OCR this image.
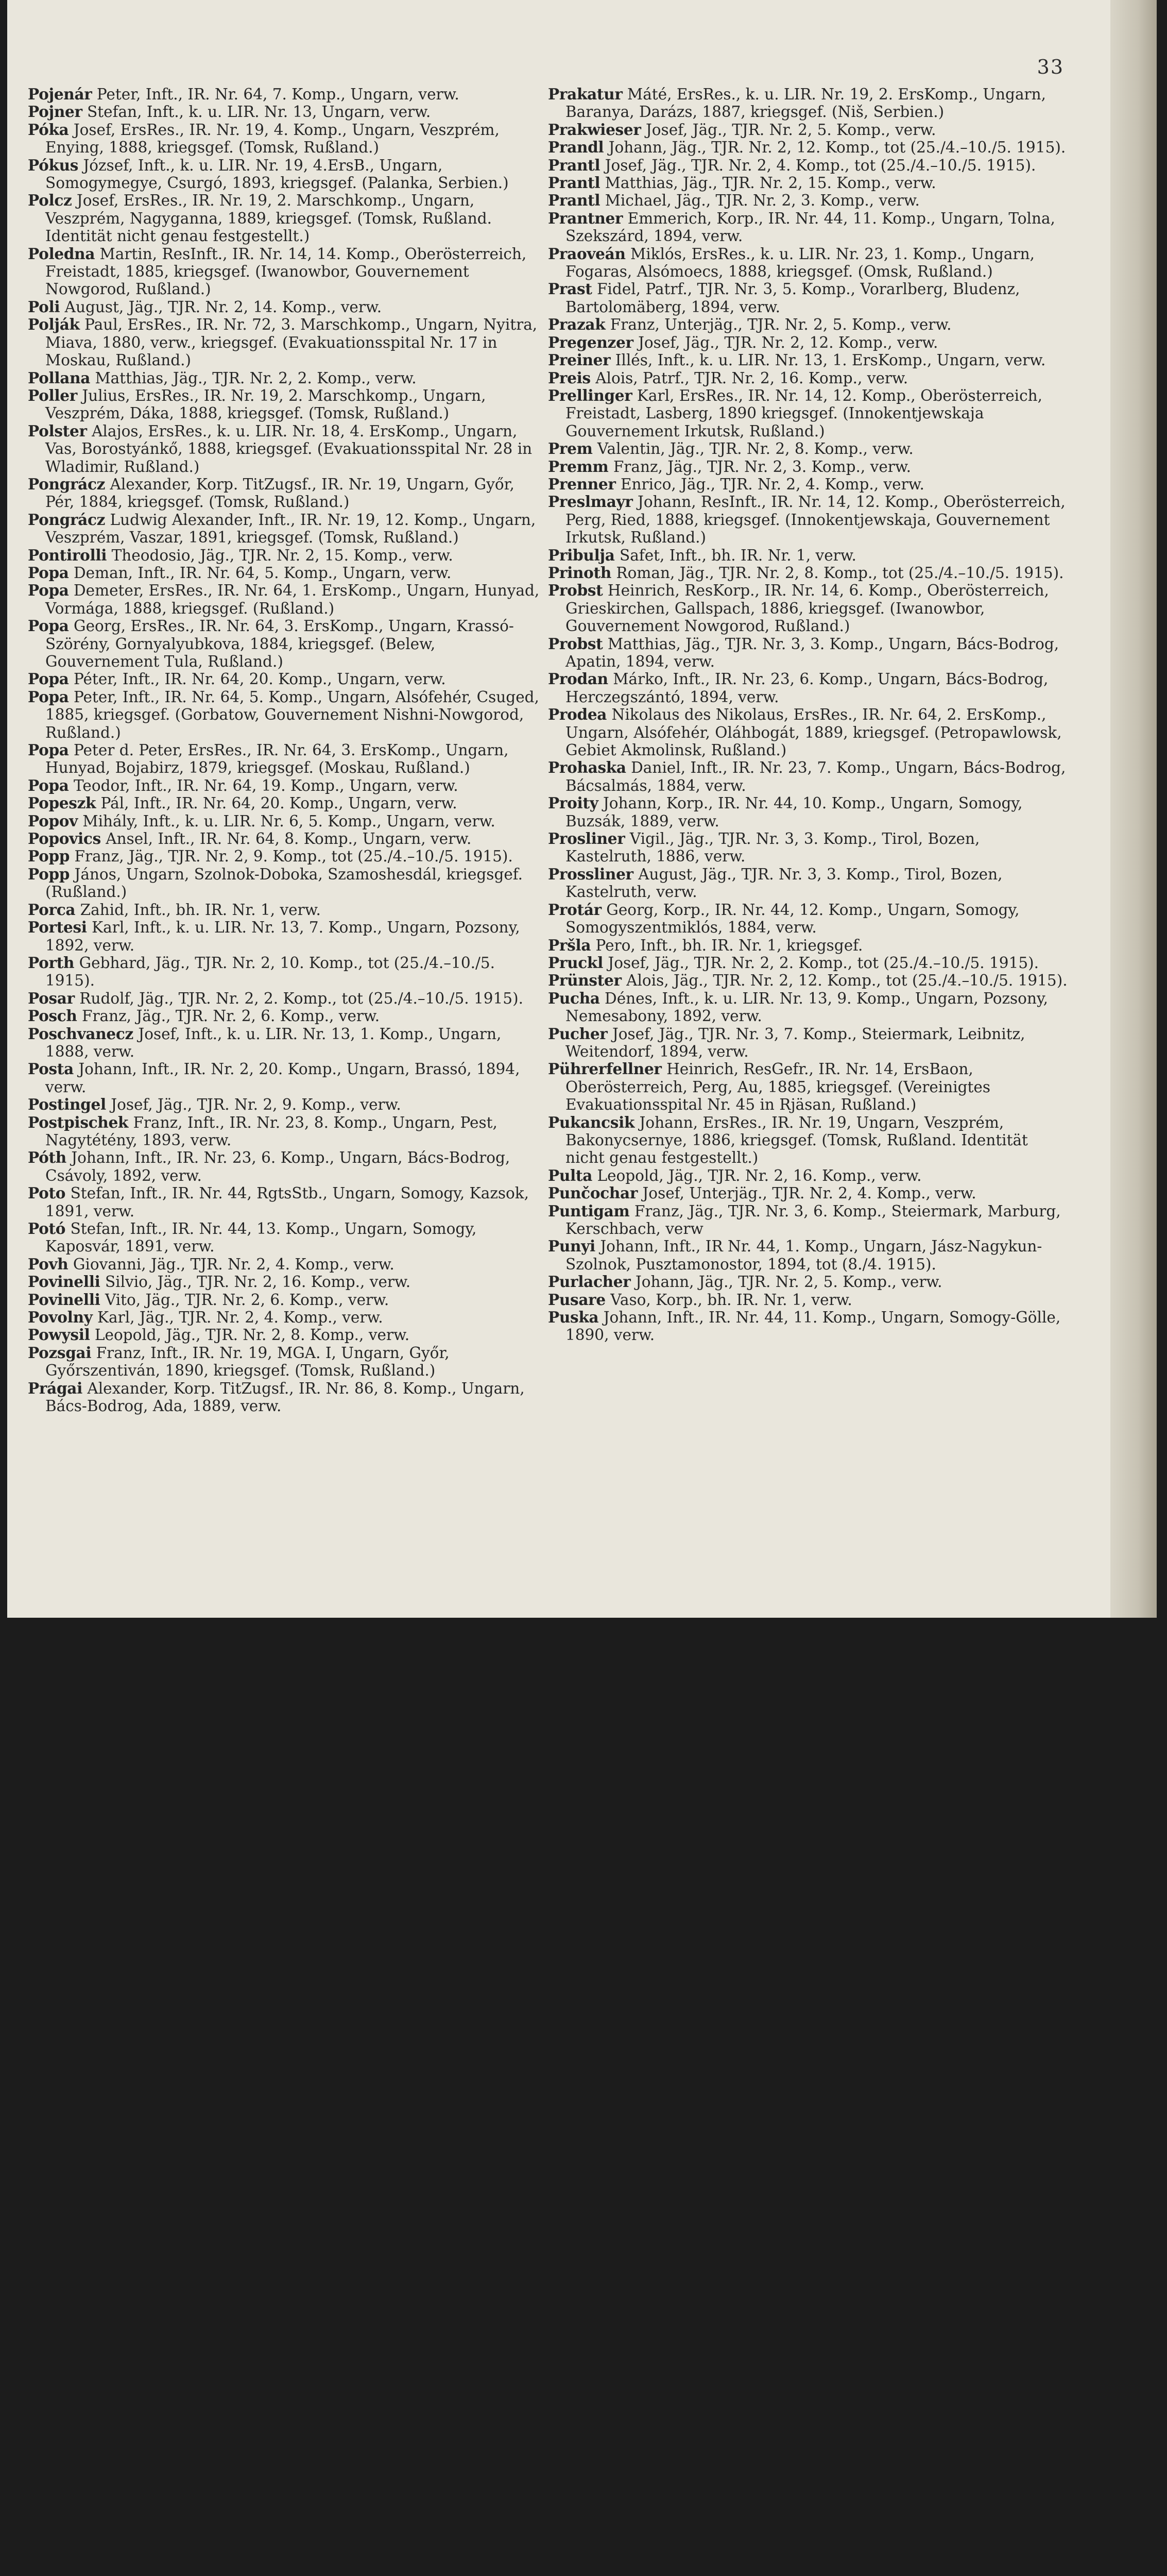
33
Pojenár Peter, Inft., IR. Nr. 64, 7. Komp., Ungarn, verw.
Pojner Stefan, Inft., k. u. LIR. Nr. 13, Ungarn, verw.
Póka Josef, ErsRes., IR. Nr. 19, 4. Komp., Ungarn, Veszprém, Enying, 1888, kriegsgef. (Tomsk, Rußland.)
Pókus József, Inft., k. u. LIR. Nr. 19, 4.ErsB., Ungarn, Somogymegye, Csurgó, 1893, kriegsgef. (Palanka, Serbien.)
Polcz Josef, ErsRes., IR. Nr. 19, 2. Marschkomp., Ungarn, Veszprém, Nagyganna, 1889, kriegsgef. (Tomsk, Rußland. Identität nicht genau festgestellt.)
Poledna Martin, ResInft., IR. Nr. 14, 14. Komp., Oberösterreich, Freistadt, 1885, kriegsgef. (Iwanowbor, Gouvernement Nowgorod, Rußland.)
Poli August, Jäg., TJR. Nr. 2, 14. Komp., verw.
Polják Paul, ErsRes., IR. Nr. 72, 3. Marschkomp., Ungarn, Nyitra, Miava, 1880, verw., kriegsgef. (Evakuationsspital Nr. 17 in Moskau, Rußland.)
Pollana Matthias, Jäg., TJR. Nr. 2, 2. Komp., verw.
Poller Julius, ErsRes., IR. Nr. 19, 2. Marschkomp., Ungarn, Veszprém, Dáka, 1888, kriegsgef. (Tomsk, Rußland.)
Polster Alajos, ErsRes., k. u. LIR. Nr. 18, 4. ErsKomp., Ungarn, Vas, Borostyánkő, 1888, kriegsgef. (Evakuationsspital Nr. 28 in Wladimir, Rußland.)
Pongrácz Alexander, Korp. TitZugsf., IR. Nr. 19, Ungarn, Győr, Pér, 1884, kriegsgef. (Tomsk, Rußland.)
Pongrácz Ludwig Alexander, Inft., IR. Nr. 19, 12. Komp., Ungarn, Veszprém, Vaszar, 1891, kriegsgef. (Tomsk, Rußland.)
Pontirolli Theodosio, Jäg., TJR. Nr. 2, 15. Komp., verw.
Popa Deman, Inft., IR. Nr. 64, 5. Komp., Ungarn, verw.
Popa Demeter, ErsRes., IR. Nr. 64, 1. ErsKomp., Ungarn, Hunyad, Vormága, 1888, kriegsgef. (Rußland.)
Popa Georg, ErsRes., IR. Nr. 64, 3. ErsKomp., Ungarn, Krassó-Szörény, Gornyalyubkova, 1884, kriegsgef. (Belew, Gouvernement Tula, Rußland.)
Popa Péter, Inft., IR. Nr. 64, 20. Komp., Ungarn, verw.
Popa Peter, Inft., IR. Nr. 64, 5. Komp., Ungarn, Alsófehér, Csuged, 1885, kriegsgef. (Gorbatow, Gouvernement Nishni-Nowgorod, Rußland.)
Popa Peter d. Peter, ErsRes., IR. Nr. 64, 3. ErsKomp., Ungarn, Hunyad, Bojabirz, 1879, kriegsgef. (Moskau, Rußland.)
Popa Teodor, Inft., IR. Nr. 64, 19. Komp., Ungarn, verw.
Popeszk Pál, Inft., IR. Nr. 64, 20. Komp., Ungarn, verw.
Popov Mihály, Inft., k. u. LIR. Nr. 6, 5. Komp., Ungarn, verw.
Popovics Ansel, Inft., IR. Nr. 64, 8. Komp., Ungarn, verw.
Popp Franz, Jäg., TJR. Nr. 2, 9. Komp., tot (25./4.–10./5. 1915).
Popp János, Ungarn, Szolnok-Doboka, Szamoshesdál, kriegsgef. (Rußland.)
Porca Zahid, Inft., bh. IR. Nr. 1, verw.
Portesi Karl, Inft., k. u. LIR. Nr. 13, 7. Komp., Ungarn, Pozsony, 1892, verw.
Porth Gebhard, Jäg., TJR. Nr. 2, 10. Komp., tot (25./4.–10./5. 1915).
Posar Rudolf, Jäg., TJR. Nr. 2, 2. Komp., tot (25./4.–10./5. 1915).
Posch Franz, Jäg., TJR. Nr. 2, 6. Komp., verw.
Poschvanecz Josef, Inft., k. u. LIR. Nr. 13, 1. Komp., Ungarn, 1888, verw.
Posta Johann, Inft., IR. Nr. 2, 20. Komp., Ungarn, Brassó, 1894, verw.
Postingel Josef, Jäg., TJR. Nr. 2, 9. Komp., verw.
Postpischek Franz, Inft., IR. Nr. 23, 8. Komp., Ungarn, Pest, Nagytétény, 1893, verw.
Póth Johann, Inft., IR. Nr. 23, 6. Komp., Ungarn, Bács-Bodrog, Csávoly, 1892, verw.
Poto Stefan, Inft., IR. Nr. 44, RgtsStb., Ungarn, Somogy, Kazsok, 1891, verw.
Potó Stefan, Inft., IR. Nr. 44, 13. Komp., Ungarn, Somogy, Kaposvár, 1891, verw.
Povh Giovanni, Jäg., TJR. Nr. 2, 4. Komp., verw.
Povinelli Silvio, Jäg., TJR. Nr. 2, 16. Komp., verw.
Povinelli Vito, Jäg., TJR. Nr. 2, 6. Komp., verw.
Povolny Karl, Jäg., TJR. Nr. 2, 4. Komp., verw.
Powysil Leopold, Jäg., TJR. Nr. 2, 8. Komp., verw.
Pozsgai Franz, Inft., IR. Nr. 19, MGA. I, Ungarn, Győr, Győrszentiván, 1890, kriegsgef. (Tomsk, Rußland.)
Prágai Alexander, Korp. TitZugsf., IR. Nr. 86, 8. Komp., Ungarn, Bács-Bodrog, Ada, 1889, verw.
Prakatur Máté, ErsRes., k. u. LIR. Nr. 19, 2. ErsKomp., Ungarn, Baranya, Darázs, 1887, kriegsgef. (Niš, Serbien.)
Prakwieser Josef, Jäg., TJR. Nr. 2, 5. Komp., verw.
Prandl Johann, Jäg., TJR. Nr. 2, 12. Komp., tot (25./4.–10./5. 1915).
Prantl Josef, Jäg., TJR. Nr. 2, 4. Komp., tot (25./4.–10./5. 1915).
Prantl Matthias, Jäg., TJR. Nr. 2, 15. Komp., verw.
Prantl Michael, Jäg., TJR. Nr. 2, 3. Komp., verw.
Prantner Emmerich, Korp., IR. Nr. 44, 11. Komp., Ungarn, Tolna, Szekszárd, 1894, verw.
Praoveán Miklós, ErsRes., k. u. LIR. Nr. 23, 1. Komp., Ungarn, Fogaras, Alsómoecs, 1888, kriegsgef. (Omsk, Rußland.)
Prast Fidel, Patrf., TJR. Nr. 3, 5. Komp., Vorarlberg, Bludenz, Bartolomäberg, 1894, verw.
Prazak Franz, Unterjäg., TJR. Nr. 2, 5. Komp., verw.
Pregenzer Josef, Jäg., TJR. Nr. 2, 12. Komp., verw.
Preiner Illés, Inft., k. u. LIR. Nr. 13, 1. ErsKomp., Ungarn, verw.
Preis Alois, Patrf., TJR. Nr. 2, 16. Komp., verw.
Prellinger Karl, ErsRes., IR. Nr. 14, 12. Komp., Oberösterreich, Freistadt, Lasberg, 1890 kriegsgef. (Innokentjewskaja Gouvernement Irkutsk, Rußland.)
Prem Valentin, Jäg., TJR. Nr. 2, 8. Komp., verw.
Premm Franz, Jäg., TJR. Nr. 2, 3. Komp., verw.
Prenner Enrico, Jäg., TJR. Nr. 2, 4. Komp., verw.
Preslmayr Johann, ResInft., IR. Nr. 14, 12. Komp., Oberösterreich, Perg, Ried, 1888, kriegsgef. (Innokentjewskaja, Gouvernement Irkutsk, Rußland.)
Pribulja Safet, Inft., bh. IR. Nr. 1, verw.
Prinoth Roman, Jäg., TJR. Nr. 2, 8. Komp., tot (25./4.–10./5. 1915).
Probst Heinrich, ResKorp., IR. Nr. 14, 6. Komp., Oberösterreich, Grieskirchen, Gallspach, 1886, kriegsgef. (Iwanowbor, Gouvernement Nowgorod, Rußland.)
Probst Matthias, Jäg., TJR. Nr. 3, 3. Komp., Ungarn, Bács-Bodrog, Apatin, 1894, verw.
Prodan Márko, Inft., IR. Nr. 23, 6. Komp., Ungarn, Bács-Bodrog, Herczegszántó, 1894, verw.
Prodea Nikolaus des Nikolaus, ErsRes., IR. Nr. 64, 2. ErsKomp., Ungarn, Alsófehér, Oláhbogát, 1889, kriegsgef. (Petropawlowsk, Gebiet Akmolinsk, Rußland.)
Prohaska Daniel, Inft., IR. Nr. 23, 7. Komp., Ungarn, Bács-Bodrog, Bácsalmás, 1884, verw.
Proity Johann, Korp., IR. Nr. 44, 10. Komp., Ungarn, Somogy, Buzsák, 1889, verw.
Prosliner Vigil., Jäg., TJR. Nr. 3, 3. Komp., Tirol, Bozen, Kastelruth, 1886, verw.
Prossliner August, Jäg., TJR. Nr. 3, 3. Komp., Tirol, Bozen, Kastelruth, verw.
Protár Georg, Korp., IR. Nr. 44, 12. Komp., Ungarn, Somogy, Somogyszentmiklós, 1884, verw.
Pršla Pero, Inft., bh. IR. Nr. 1, kriegsgef.
Pruckl Josef, Jäg., TJR. Nr. 2, 2. Komp., tot (25./4.–10./5. 1915).
Prünster Alois, Jäg., TJR. Nr. 2, 12. Komp., tot (25./4.–10./5. 1915).
Pucha Dénes, Inft., k. u. LIR. Nr. 13, 9. Komp., Ungarn, Pozsony, Nemesabony, 1892, verw.
Pucher Josef, Jäg., TJR. Nr. 3, 7. Komp., Steiermark, Leibnitz, Weitendorf, 1894, verw.
Pührerfellner Heinrich, ResGefr., IR. Nr. 14, ErsBaon, Oberösterreich, Perg, Au, 1885, kriegsgef. (Vereinigtes Evakuationsspital Nr. 45 in Rjäsan, Rußland.)
Pukancsik Johann, ErsRes., IR. Nr. 19, Ungarn, Veszprém, Bakonycsernye, 1886, kriegsgef. (Tomsk, Rußland. Identität nicht genau festgestellt.)
Pulta Leopold, Jäg., TJR. Nr. 2, 16. Komp., verw.
Punčochar Josef, Unterjäg., TJR. Nr. 2, 4. Komp., verw.
Puntigam Franz, Jäg., TJR. Nr. 3, 6. Komp., Steiermark, Marburg, Kerschbach, verw
Punyi Johann, Inft., IR Nr. 44, 1. Komp., Ungarn, Jász-Nagykun-Szolnok, Pusztamonostor, 1894, tot (8./4. 1915).
Purlacher Johann, Jäg., TJR. Nr. 2, 5. Komp., verw.
Pusare Vaso, Korp., bh. IR. Nr. 1, verw.
Puska Johann, Inft., IR. Nr. 44, 11. Komp., Ungarn, Somogy-Gölle, 1890, verw.
